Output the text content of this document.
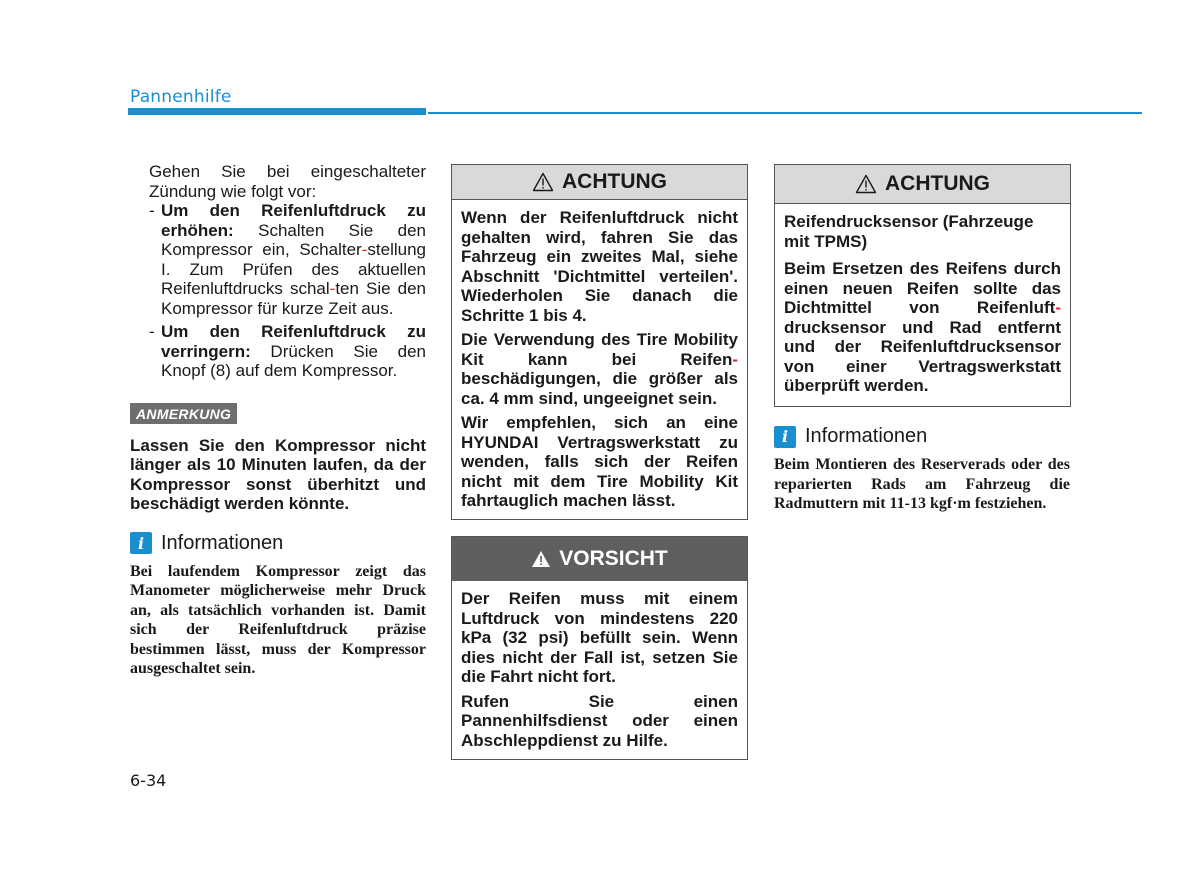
Pannenhilfe
Gehen Sie bei eingeschalteter Zündung wie folgt vor:
- Um den Reifenluftdruck zu erhöhen: Schalten Sie den Kompressor ein, Schalter-stellung I. Zum Prüfen des aktuellen Reifenluftdrucks schal-ten Sie den Kompressor für kurze Zeit aus.
- Um den Reifenluftdruck zu verringern: Drücken Sie den Knopf (8) auf dem Kompressor.
ANMERKUNG
Lassen Sie den Kompressor nicht länger als 10 Minuten laufen, da der Kompressor sonst überhitzt und beschädigt werden könnte.
i Informationen
Bei laufendem Kompressor zeigt das Manometer möglicherweise mehr Druck an, als tatsächlich vorhanden ist. Damit sich der Reifenluftdruck präzise bestimmen lässt, muss der Kompressor ausgeschaltet sein.
ACHTUNG

Wenn der Reifenluftdruck nicht gehalten wird, fahren Sie das Fahrzeug ein zweites Mal, siehe Abschnitt 'Dichtmittel verteilen'. Wiederholen Sie danach die Schritte 1 bis 4.

Die Verwendung des Tire Mobility Kit kann bei Reifen-beschädigungen, die größer als ca. 4 mm sind, ungeeignet sein.

Wir empfehlen, sich an eine HYUNDAI Vertragswerkstatt zu wenden, falls sich der Reifen nicht mit dem Tire Mobility Kit fahrtauglich machen lässt.

VORSICHT

Der Reifen muss mit einem Luftdruck von mindestens 220 kPa (32 psi) befüllt sein. Wenn dies nicht der Fall ist, setzen Sie die Fahrt nicht fort.

Rufen Sie einen Pannenhilfsdienst oder einen Abschleppdienst zu Hilfe.

ACHTUNG

Reifendrucksensor (Fahrzeuge mit TPMS)

Beim Ersetzen des Reifens durch einen neuen Reifen sollte das Dichtmittel von Reifenluft-drucksensor und Rad entfernt und der Reifenluftdrucksensor von einer Vertragswerkstatt überprüft werden.

i Informationen
Beim Montieren des Reserverads oder des reparierten Rads am Fahrzeug die Radmuttern mit 11-13 kgf·m festziehen.
6-34
